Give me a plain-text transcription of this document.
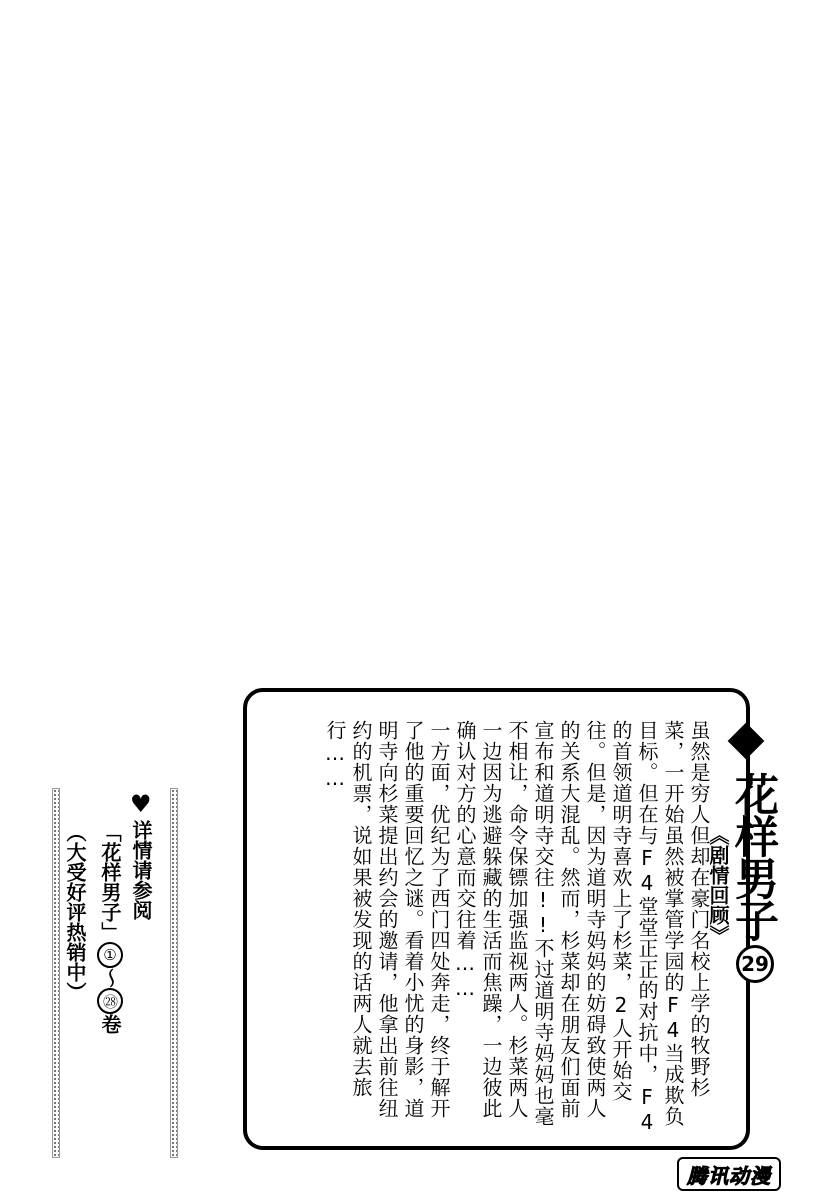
花样男子
《剧情回顾》
29

虽然是穷人但却在豪门名校上学的牧野杉菜，一开始虽然被掌管学园的F4当成欺负目标。但在与F4堂堂正正的对抗中，F4的首领道明寺喜欢上了杉菜，2人开始交往。但是，因为道明寺妈妈的妨碍致使两人的关系大混乱。然而，杉菜却在朋友们面前宣布和道明寺交往!!不过道明寺妈妈也毫不相让，命令保镖加强监视两人。杉菜两人一边因为逃避躲藏的生活而焦躁，一边彼此确认对方的心意而交往着……

一方面，优纪为了西门四处奔走，终于解开了他的重要回忆之谜。看着小忧的身影，道明寺向杉菜提出约会的邀请，他拿出前往纽约的机票，说如果被发现的话两人就去旅行……

♥
详情请参阅
「花样男子」①～㉘卷
（大受好评热销中）
腾讯动漫
